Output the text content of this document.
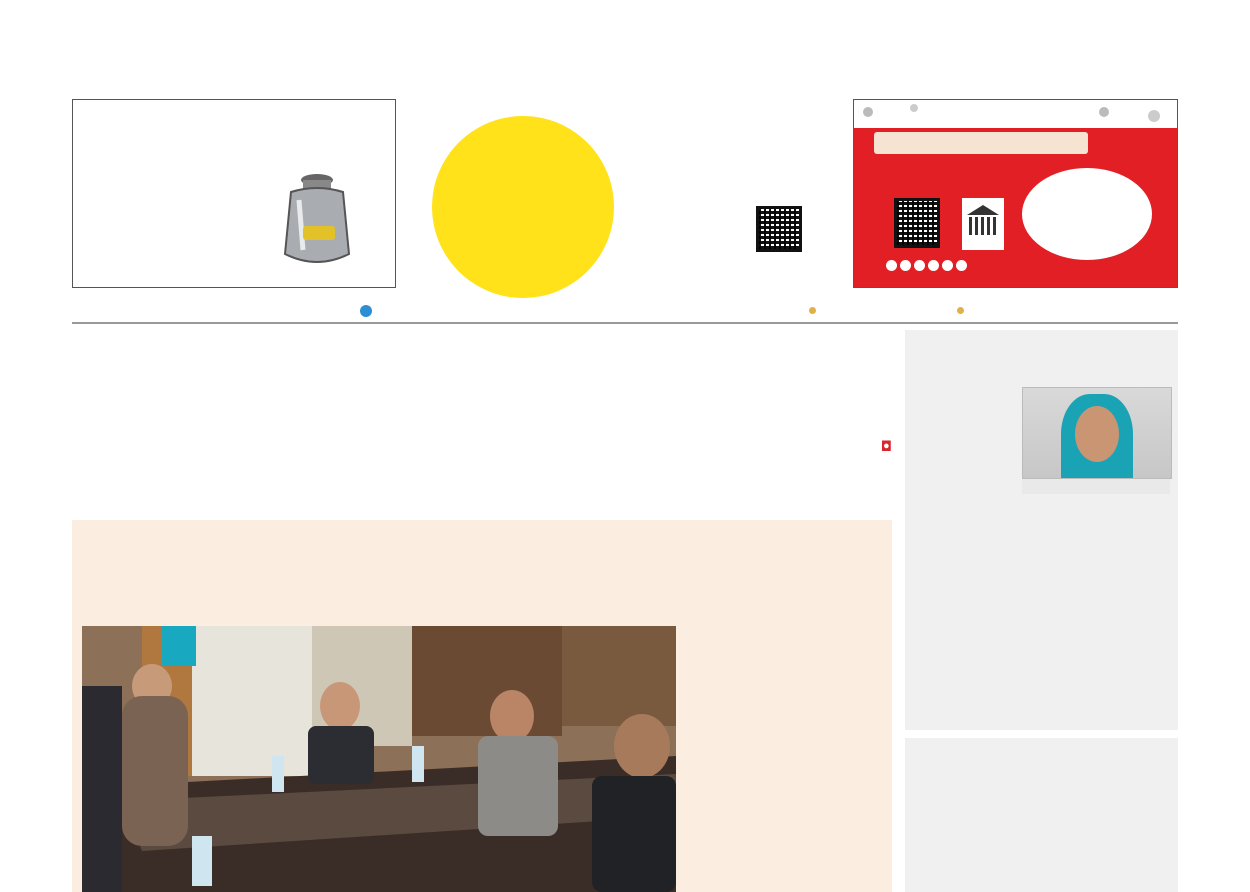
◘
